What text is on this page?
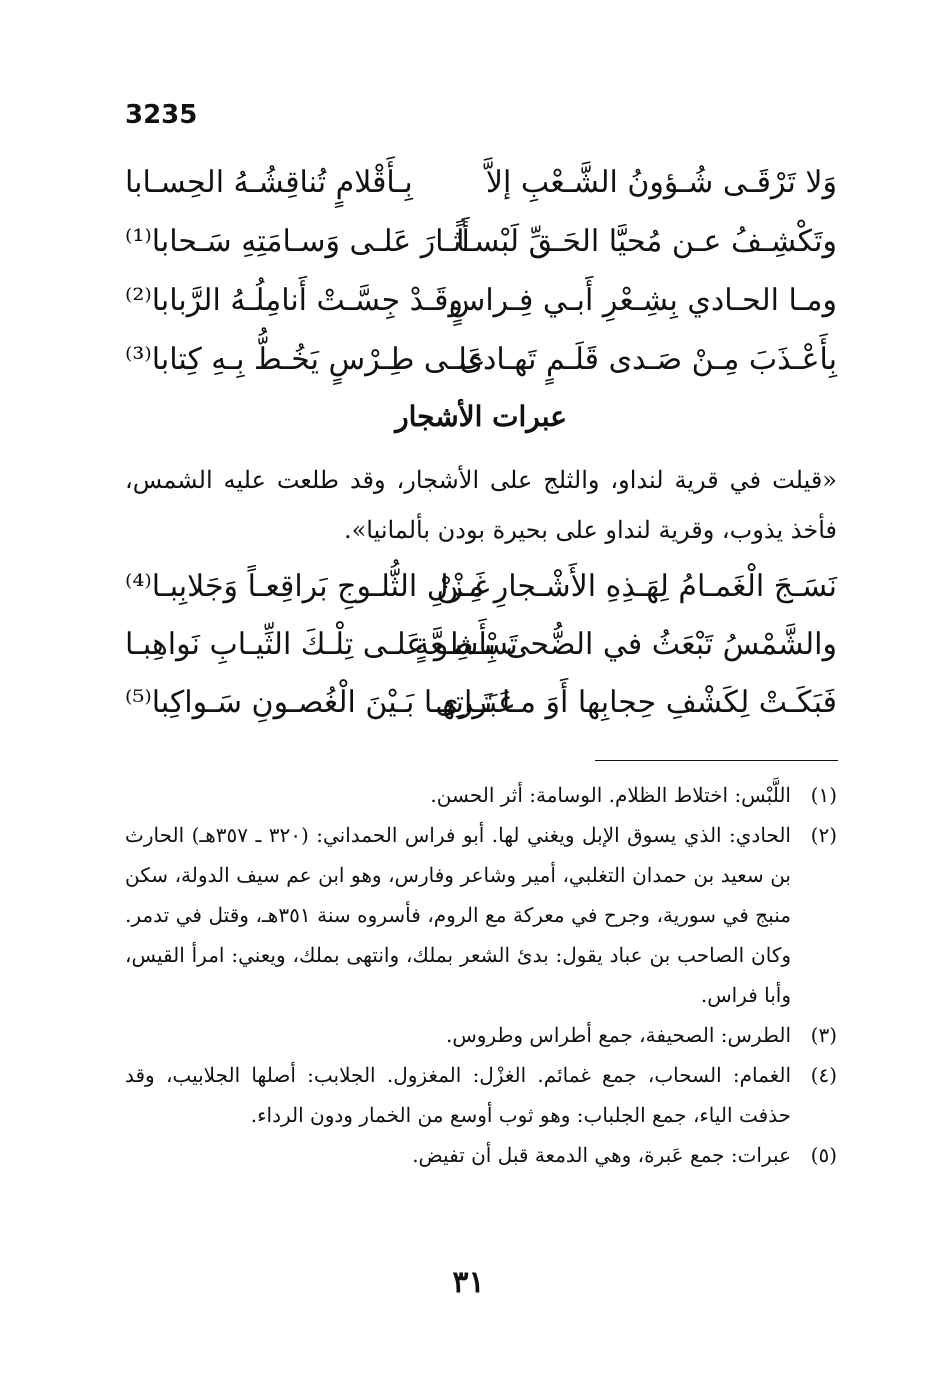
3235
وَلا تَرْقَـى شُـؤونُ الشَّـعْبِ إلاَّ
بِـأَقْلامٍ تُناقِشُـهُ الحِسـابا
وتَكْشِـفُ عـن مُحيَّا الحَـقِّ لَبْسـاً
أَثـارَ عَلـى وَسـامَتِهِ سَـحابا⁽¹⁾
ومـا الحـادي بِشِـعْرِ أَبـي فِـراسٍ
وقَـدْ جِسَّـتْ أَنامِلُـهُ الرَّبابا⁽²⁾
بِأَعْـذَبَ مِـنْ صَـدى قَلَـمٍ تَهـادى
عَلـى طِـرْسٍ يَخُـطُّ بِـهِ كِتابا⁽³⁾
عبرات الأشجار

«قيلت في قرية لنداو، والثلج على الأشجار، وقد طلعت عليه الشمس، فأخذ يذوب، وقرية لنداو على بحيرة بودن بألمانيا».

نَسَـجَ الْغَمـامُ لِهَـذِهِ الأَشْـجارِ مِـنْ
غَـزْلِ الثُّلـوجِ بَراقِعـاً وَجَلابِبـا⁽⁴⁾
والشَّمْسُ تَبْعَثُ في الضُّحى بِأَشِـعَّةٍ
تَسْـطو عَلـى تِلْـكَ الثِّيـابِ نَواهِبـا
فَبَكَـتْ لِكَشْفِ حِجابِها أَوَ مـا تَـرى
عَبَراتِهـا بَـيْنَ الْغُصـونِ سَـواكِبا⁽⁵⁾
(١)
اللَّبْس: اختلاط الظلام. الوسامة: أثر الحسن.
(٢)
الحادي: الذي يسوق الإبل ويغني لها. أبو فراس الحمداني: (٣٢٠ ـ ٣٥٧هـ) الحارث بن سعيد بن حمدان التغلبي، أمير وشاعر وفارس، وهو ابن عم سيف الدولة، سكن منبج في سورية، وجرح في معركة مع الروم، فأسروه سنة ٣٥١هـ، وقتل في تدمر. وكان الصاحب بن عباد يقول: بدئ الشعر بملك، وانتهى بملك، ويعني: امرأ القيس، وأبا فراس.
(٣)
الطرس: الصحيفة، جمع أطراس وطروس.
(٤)
الغمام: السحاب، جمع غمائم. الغزْل: المغزول. الجلابب: أصلها الجلابيب، وقد حذفت الياء، جمع الجلباب: وهو ثوب أوسع من الخمار ودون الرداء.
(٥)
عبرات: جمع عَبرة، وهي الدمعة قبل أن تفيض.
٣١
